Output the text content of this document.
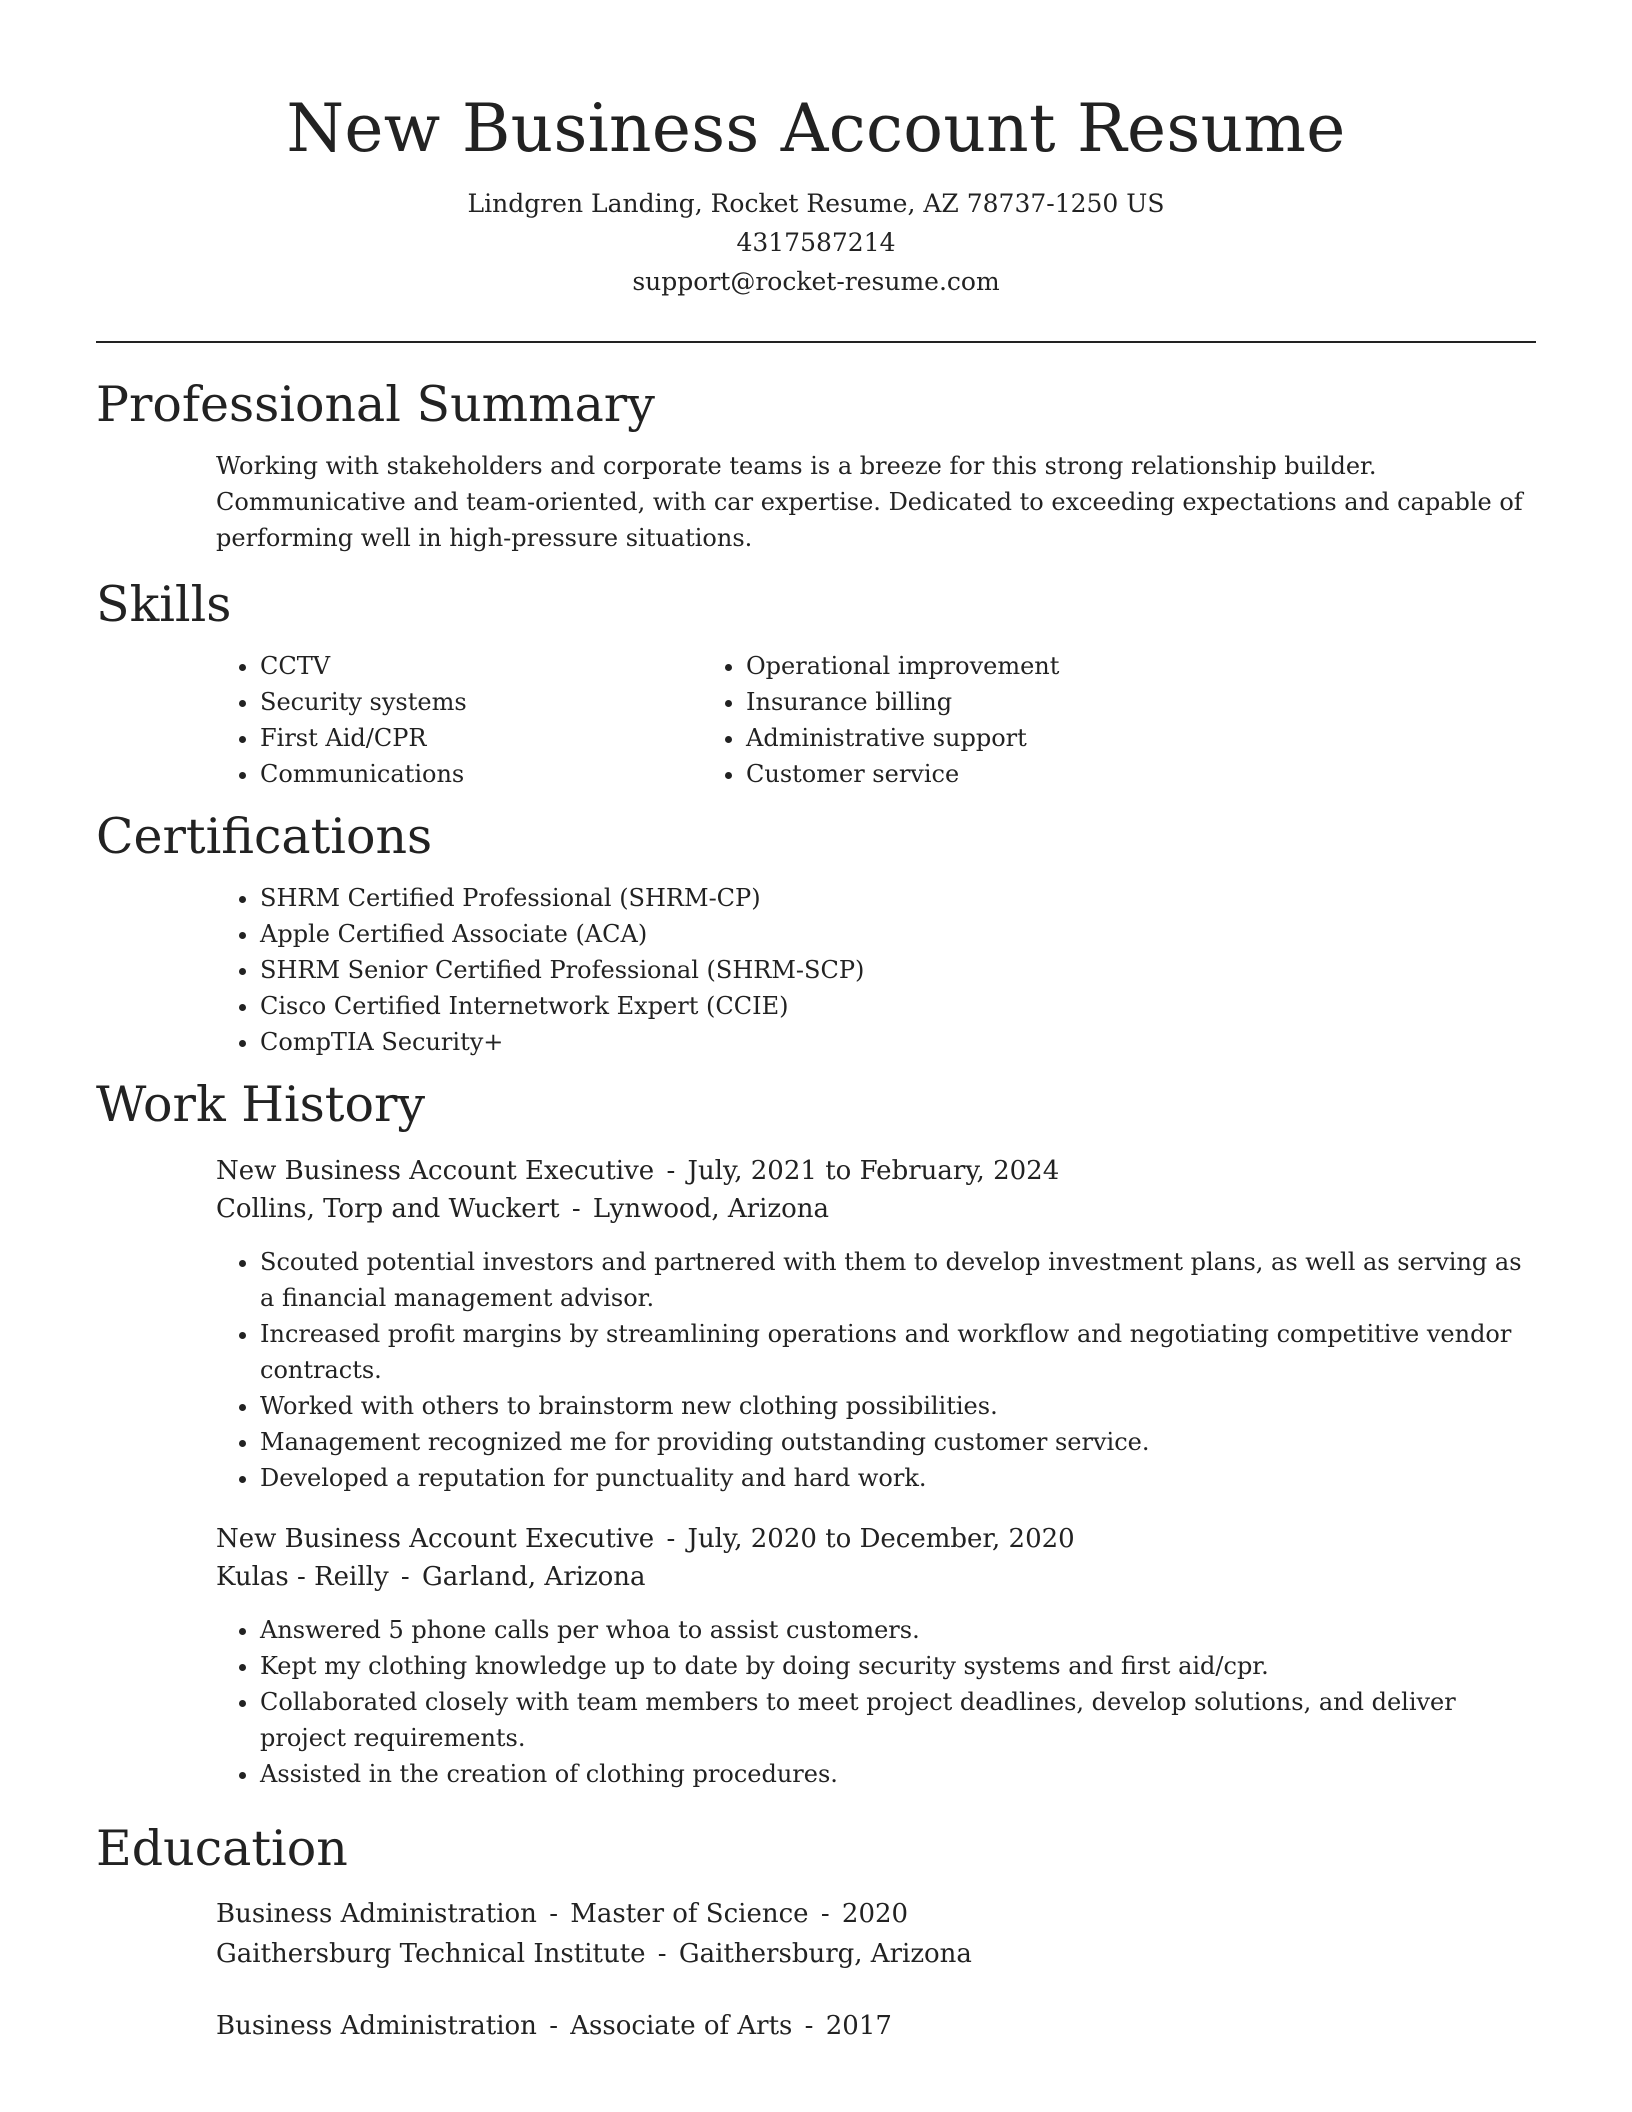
New Business Account Resume
Lindgren Landing, Rocket Resume, AZ 78737-1250 US
4317587214
support@rocket-resume.com
Professional Summary
Working with stakeholders and corporate teams is a breeze for this strong relationship builder. Communicative and team-oriented, with car expertise. Dedicated to exceeding expectations and capable of performing well in high-pressure situations.
Skills
• CCTV
• Security systems
• First Aid/CPR
• Communications
• Operational improvement
• Insurance billing
• Administrative support
• Customer service
Certifications
• SHRM Certified Professional (SHRM-CP)
• Apple Certified Associate (ACA)
• SHRM Senior Certified Professional (SHRM-SCP)
• Cisco Certified Internetwork Expert (CCIE)
• CompTIA Security+
Work History
New Business Account Executive - July, 2021 to February, 2024
Collins, Torp and Wuckert - Lynwood, Arizona
• Scouted potential investors and partnered with them to develop investment plans, as well as serving as a financial management advisor.
• Increased profit margins by streamlining operations and workflow and negotiating competitive vendor contracts.
• Worked with others to brainstorm new clothing possibilities.
• Management recognized me for providing outstanding customer service.
• Developed a reputation for punctuality and hard work.
New Business Account Executive - July, 2020 to December, 2020
Kulas - Reilly - Garland, Arizona
• Answered 5 phone calls per whoa to assist customers.
• Kept my clothing knowledge up to date by doing security systems and first aid/cpr.
• Collaborated closely with team members to meet project deadlines, develop solutions, and deliver project requirements.
• Assisted in the creation of clothing procedures.
Education
Business Administration - Master of Science - 2020
Gaithersburg Technical Institute - Gaithersburg, Arizona
Business Administration - Associate of Arts - 2017
